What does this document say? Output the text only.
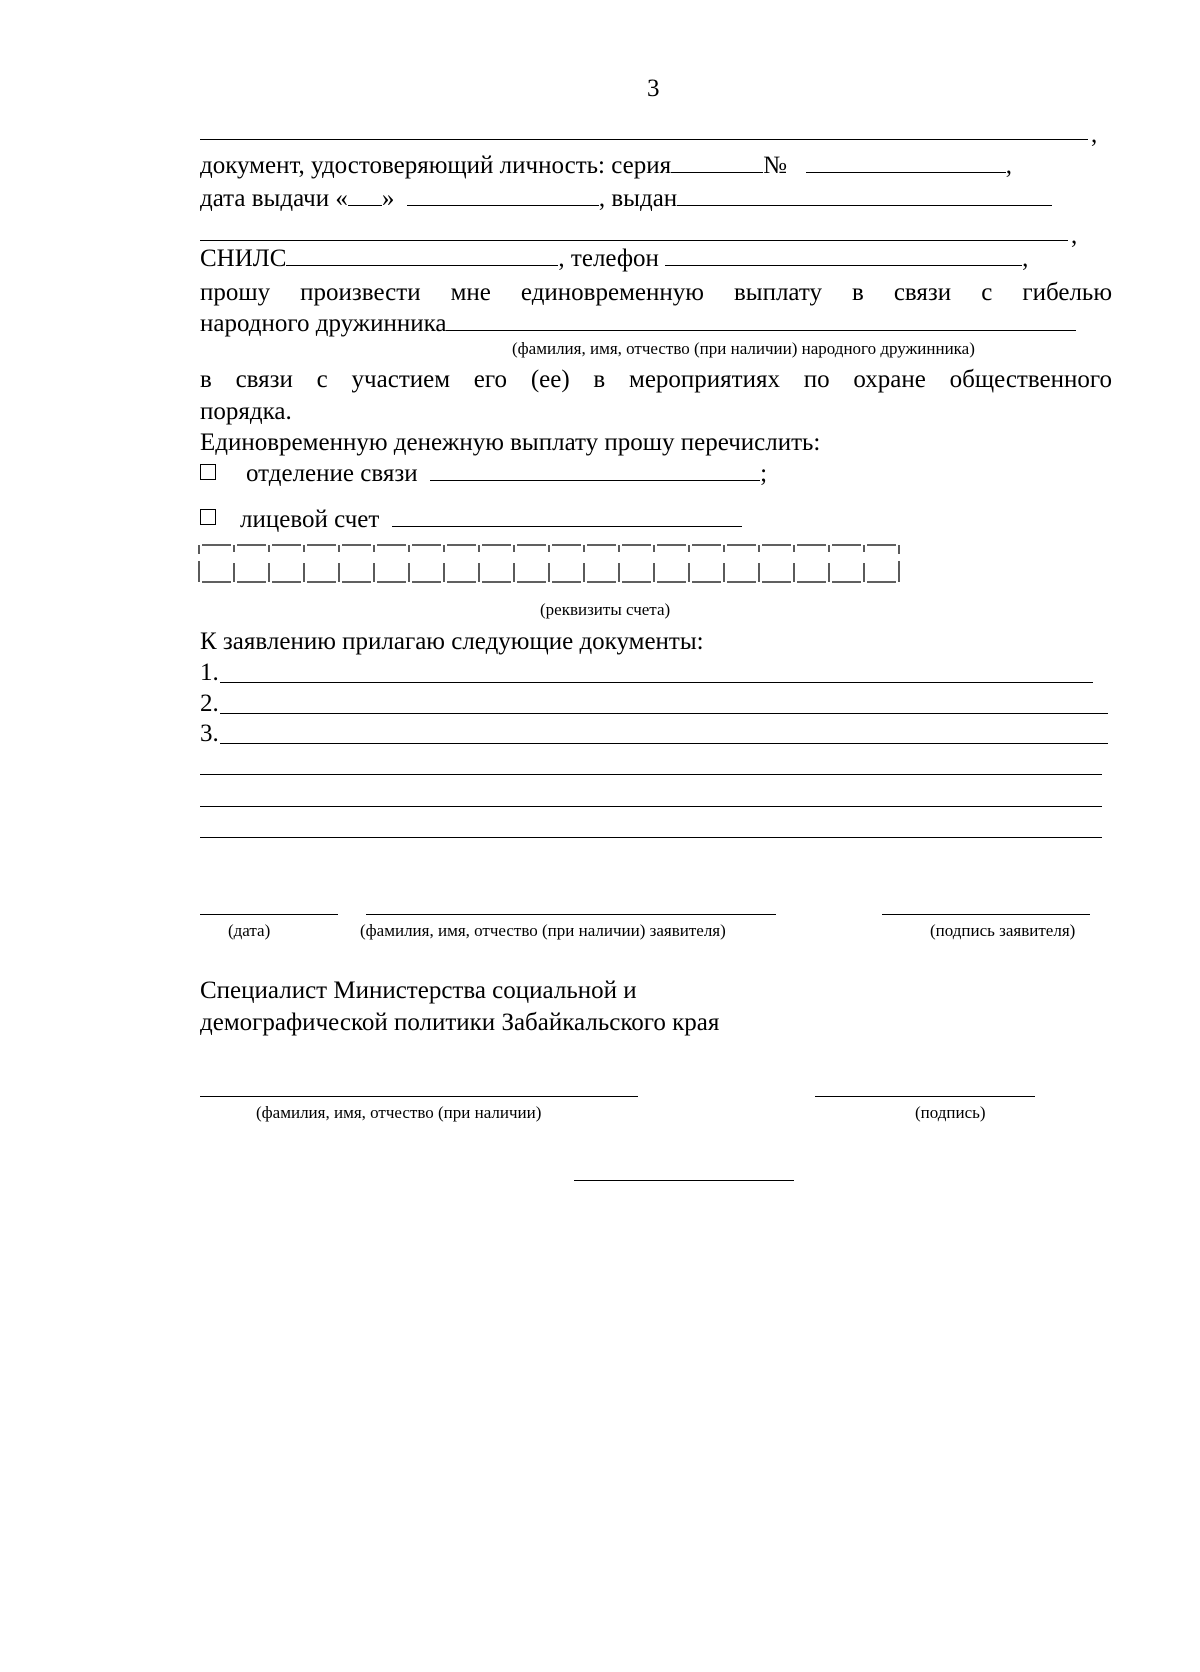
3
,
документ, удостоверяющий личность: серия	№	,
дата выдачи « »	, выдан
,
СНИЛС	, телефон	,
прошу произвести мне единовременную выплату в связи с гибелью
народного дружинника
(фамилия, имя, отчество (при наличии) народного дружинника)
в связи с участием его (ее) в мероприятиях по охране общественного
порядка.
Единовременную денежную выплату прошу перечислить:
отделение связи	;
лицевой счет
(реквизиты счета)
К заявлению прилагаю следующие документы:
1.
2.
3.
(дата)	(фамилия, имя, отчество (при наличии) заявителя)	(подпись заявителя)
Специалист Министерства социальной и
демографической политики Забайкальского края
(фамилия, имя, отчество (при наличии)	(подпись)
